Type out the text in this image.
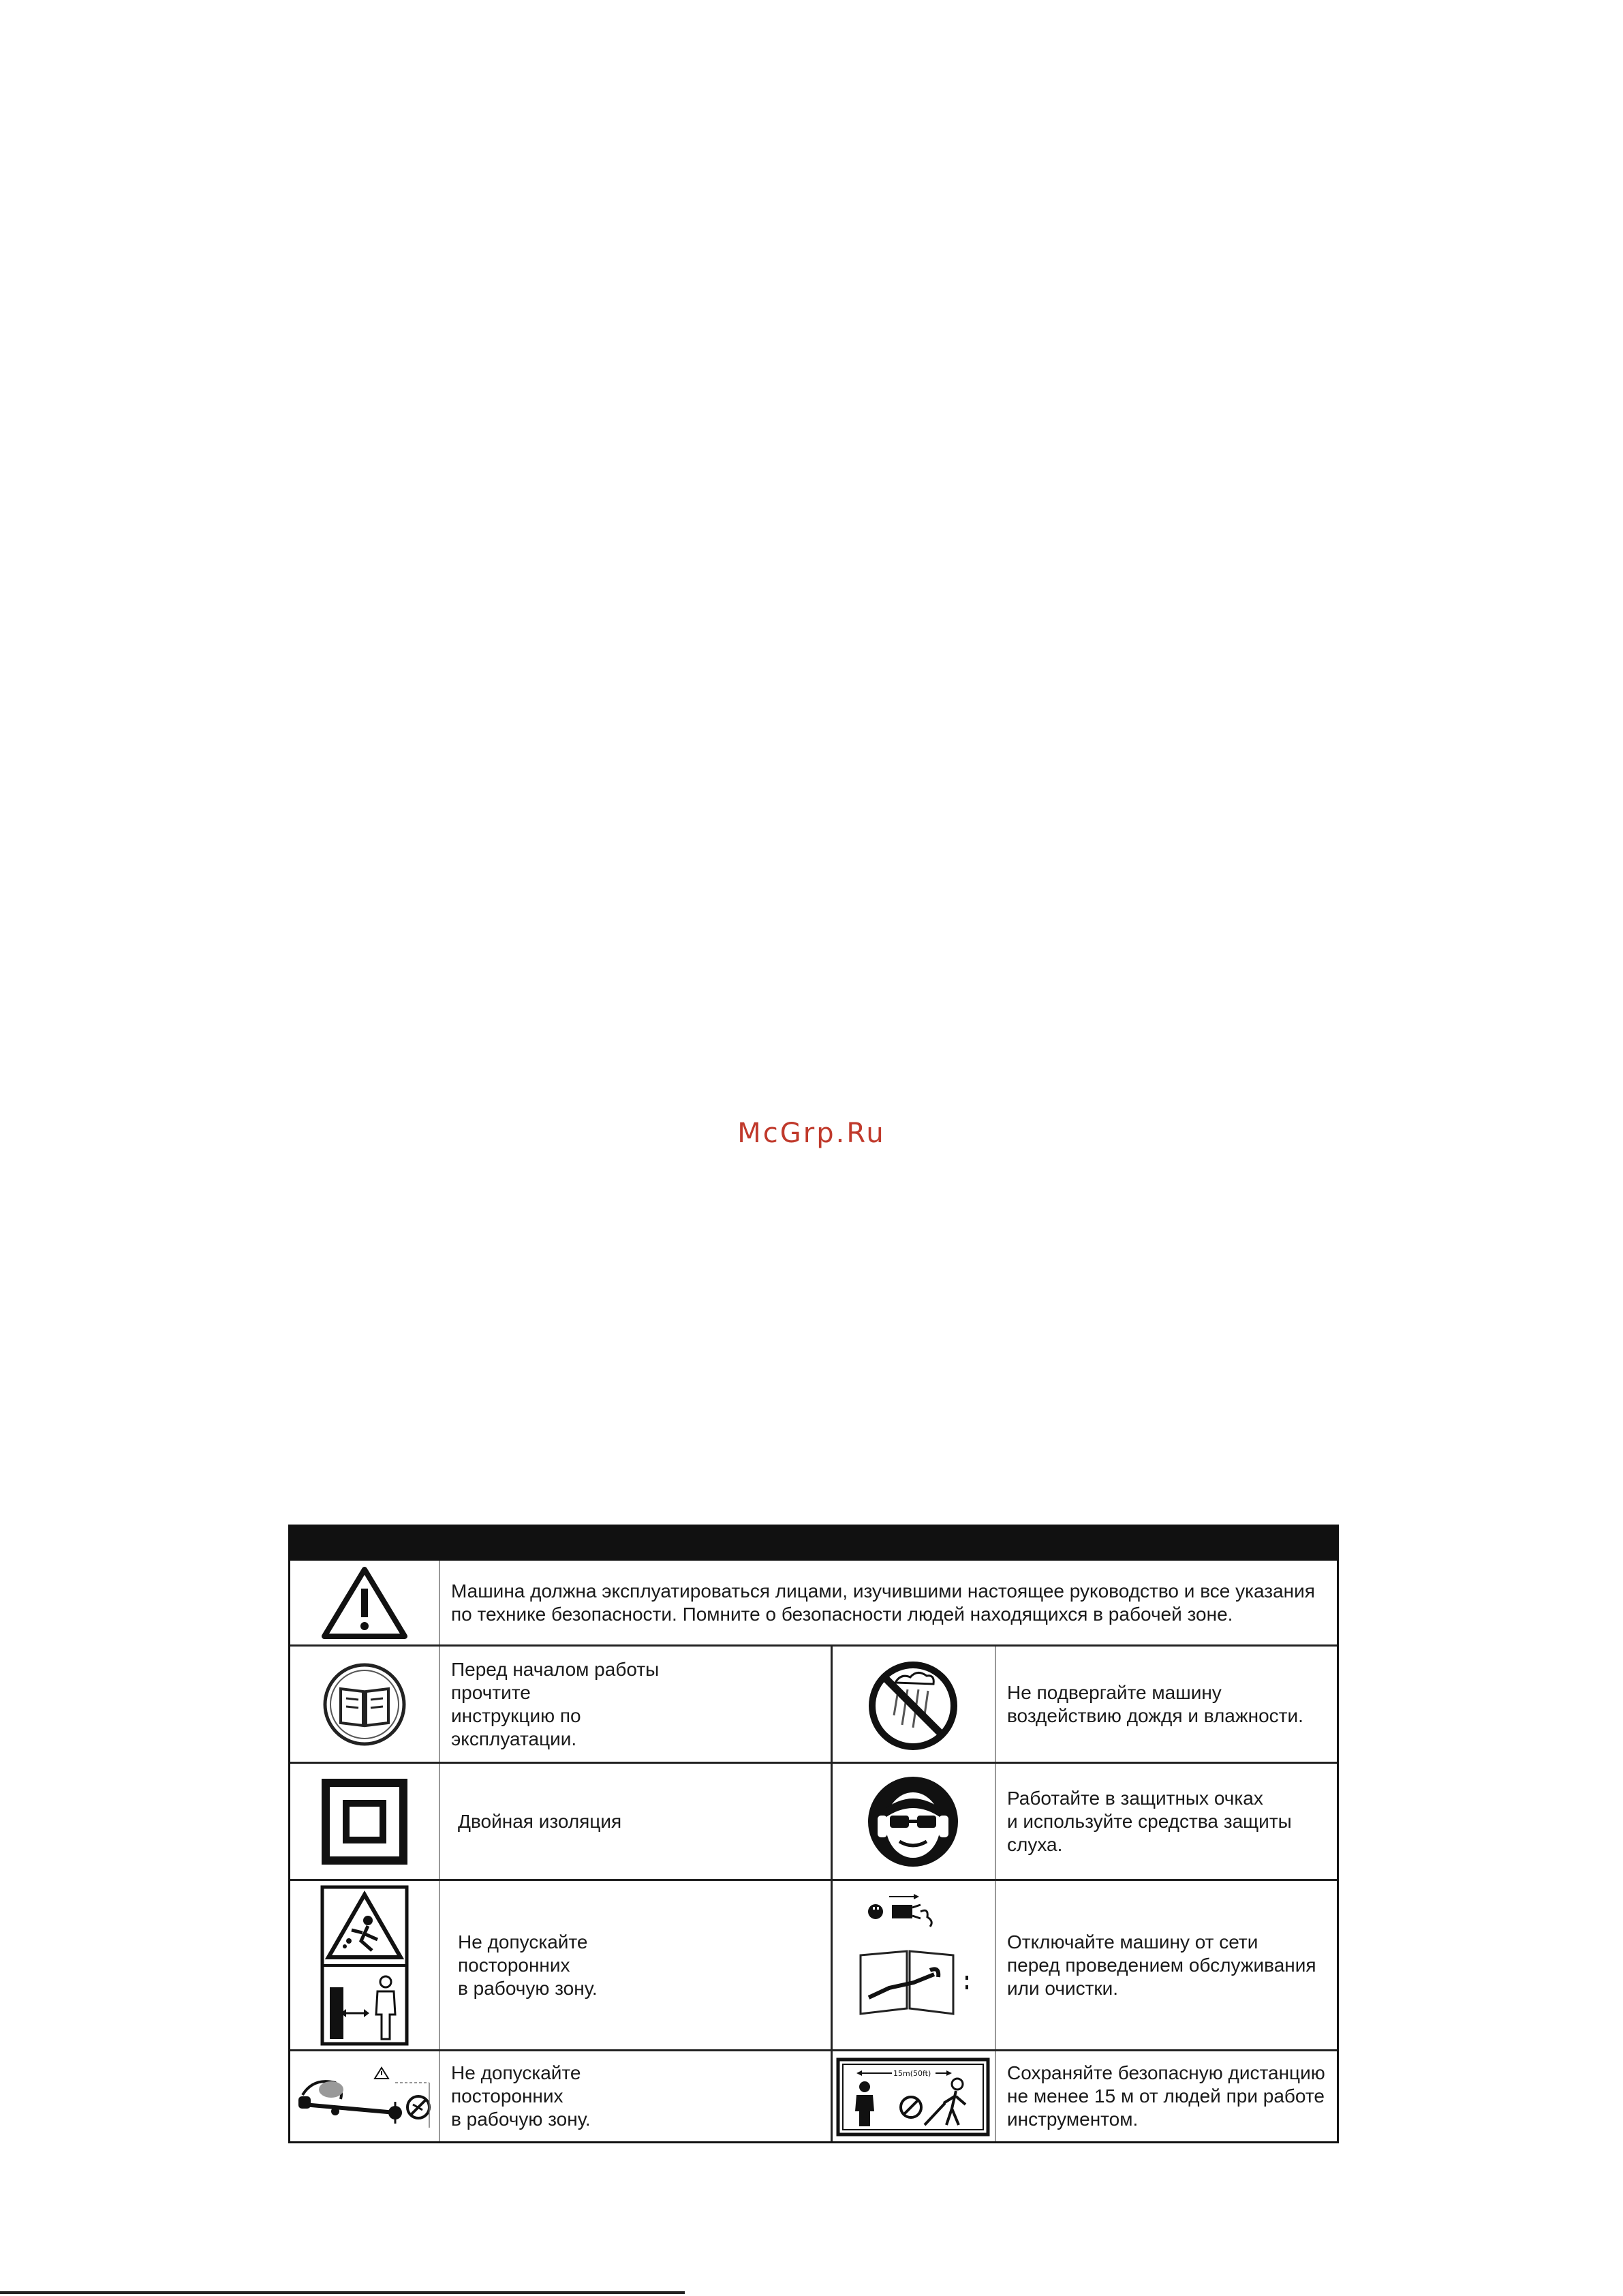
McGrp.Ru
Машина должна эксплуатироваться лицами, изучившими настоящее руководство и все указания
по технике безопасности. Помните о безопасности людей находящихся в рабочей зоне.
Перед началом работы прочтите
инструкцию по эксплуатации.
Не подвергайте машину
воздействию дождя и влажности.
Двойная изоляция
Работайте в защитных очках
и используйте средства защиты
слуха.
Не допускайте посторонних
в рабочую зону.
Отключайте машину от сети
перед проведением обслуживания
или очистки.
Не допускайте посторонних
в рабочую зону.
15m(50ft)	Сохраняйте безопасную дистанцию
не менее 15 м от людей при работе
инструментом.
